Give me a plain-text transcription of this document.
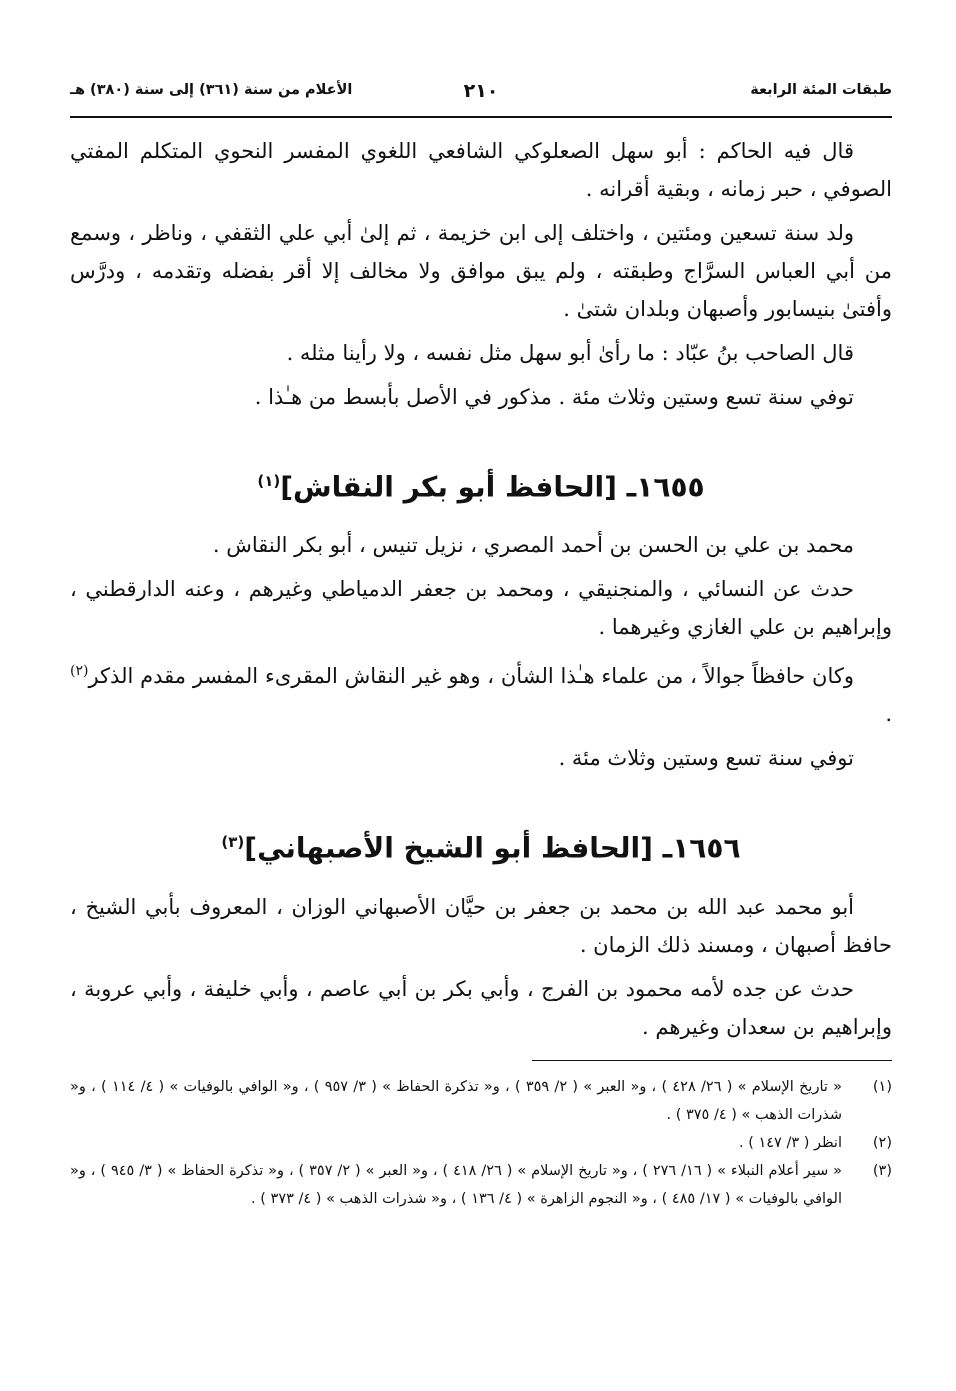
طبقات المئة الرابعة
٢١٠
الأعلام من سنة (٣٦١) إلى سنة (٣٨٠) هـ

قال فيه الحاكم : أبو سهل الصعلوكي الشافعي اللغوي المفسر النحوي المتكلم المفتي الصوفي ، حبر زمانه ، وبقية أقرانه .

ولد سنة تسعين ومئتين ، واختلف إلى ابن خزيمة ، ثم إلىٰ أبي علي الثقفي ، وناظر ، وسمع من أبي العباس السرَّاج وطبقته ، ولم يبق موافق ولا مخالف إلا أقر بفضله وتقدمه ، ودرَّس وأفتىٰ بنيسابور وأصبهان وبلدان شتىٰ .

قال الصاحب بنُ عبّاد : ما رأىٰ أبو سهل مثل نفسه ، ولا رأينا مثله .

توفي سنة تسع وستين وثلاث مئة . مذكور في الأصل بأبسط من هـٰذا .

١٦٥٥ـ [الحافظ أبو بكر النقاش]$^{(١)}$

محمد بن علي بن الحسن بن أحمد المصري ، نزيل تنيس ، أبو بكر النقاش .

حدث عن النسائي ، والمنجنيقي ، ومحمد بن جعفر الدمياطي وغيرهم ، وعنه الدارقطني ، وإبراهيم بن علي الغازي وغيرهما .

وكان حافظاً جوالاً ، من علماء هـٰذا الشأن ، وهو غير النقاش المقرىء المفسر مقدم الذكر$^{(٢)}$ .

توفي سنة تسع وستين وثلاث مئة .

١٦٥٦ـ [الحافظ أبو الشيخ الأصبهاني]$^{(٣)}$

أبو محمد عبد الله بن محمد بن جعفر بن حيَّان الأصبهاني الوزان ، المعروف بأبي الشيخ ، حافظ أصبهان ، ومسند ذلك الزمان .

حدث عن جده لأمه محمود بن الفرج ، وأبي بكر بن أبي عاصم ، وأبي خليفة ، وأبي عروبة ، وإبراهيم بن سعدان وغيرهم .

(١)
« تاريخ الإسلام » ( ٢٦/ ٤٢٨ ) ، و« العبر » ( ٢/ ٣٥٩ ) ، و« تذكرة الحفاظ » ( ٣/ ٩٥٧ ) ، و« الوافي بالوفيات » ( ٤/ ١١٤ ) ، و« شذرات الذهب » ( ٤/ ٣٧٥ ) .
(٢)
انظر ( ٣/ ١٤٧ ) .
(٣)
« سير أعلام النبلاء » ( ١٦/ ٢٧٦ ) ، و« تاريخ الإسلام » ( ٢٦/ ٤١٨ ) ، و« العبر » ( ٢/ ٣٥٧ ) ، و« تذكرة الحفاظ » ( ٣/ ٩٤٥ ) ، و« الوافي بالوفيات » ( ١٧/ ٤٨٥ ) ، و« النجوم الزاهرة » ( ٤/ ١٣٦ ) ، و« شذرات الذهب » ( ٤/ ٣٧٣ ) .
